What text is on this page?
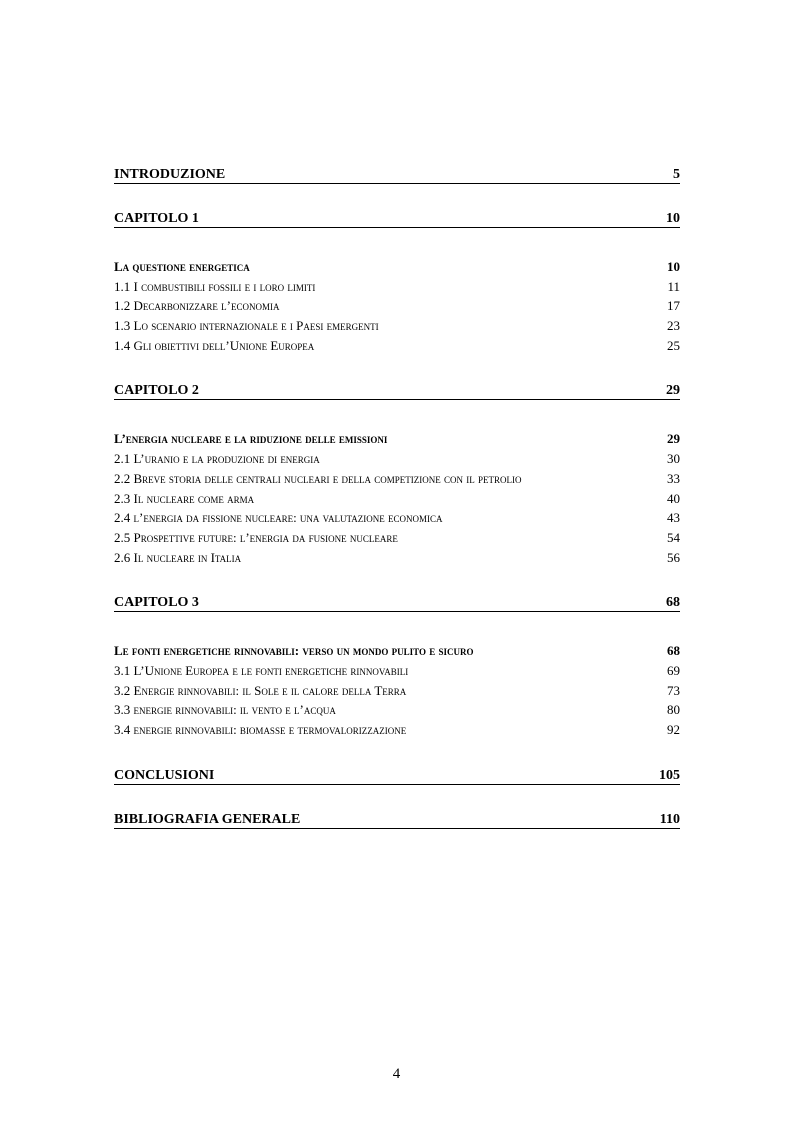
INTRODUZIONE	5
CAPITOLO 1	10
La questione energetica	10
1.1 I combustibili fossili e i loro limiti	11
1.2 Decarbonizzare l’economia	17
1.3 Lo scenario internazionale e i Paesi emergenti	23
1.4 Gli obiettivi dell’Unione Europea	25
CAPITOLO 2	29
L’energia nucleare e la riduzione delle emissioni	29
2.1 L’uranio e la produzione di energia	30
2.2 Breve storia delle centrali nucleari e della competizione con il petrolio	33
2.3 Il nucleare come arma	40
2.4 l’energia da fissione nucleare: una valutazione economica	43
2.5 Prospettive future: l’energia da fusione nucleare	54
2.6 Il nucleare in Italia	56
CAPITOLO 3	68
Le fonti energetiche rinnovabili: verso un mondo pulito e sicuro	68
3.1 L’Unione Europea e le fonti energetiche rinnovabili	69
3.2 Energie rinnovabili: il Sole e il calore della Terra	73
3.3 energie rinnovabili: il vento e l’acqua	80
3.4 energie rinnovabili: biomasse e termovalorizzazione	92
CONCLUSIONI	105
BIBLIOGRAFIA GENERALE	110
4
